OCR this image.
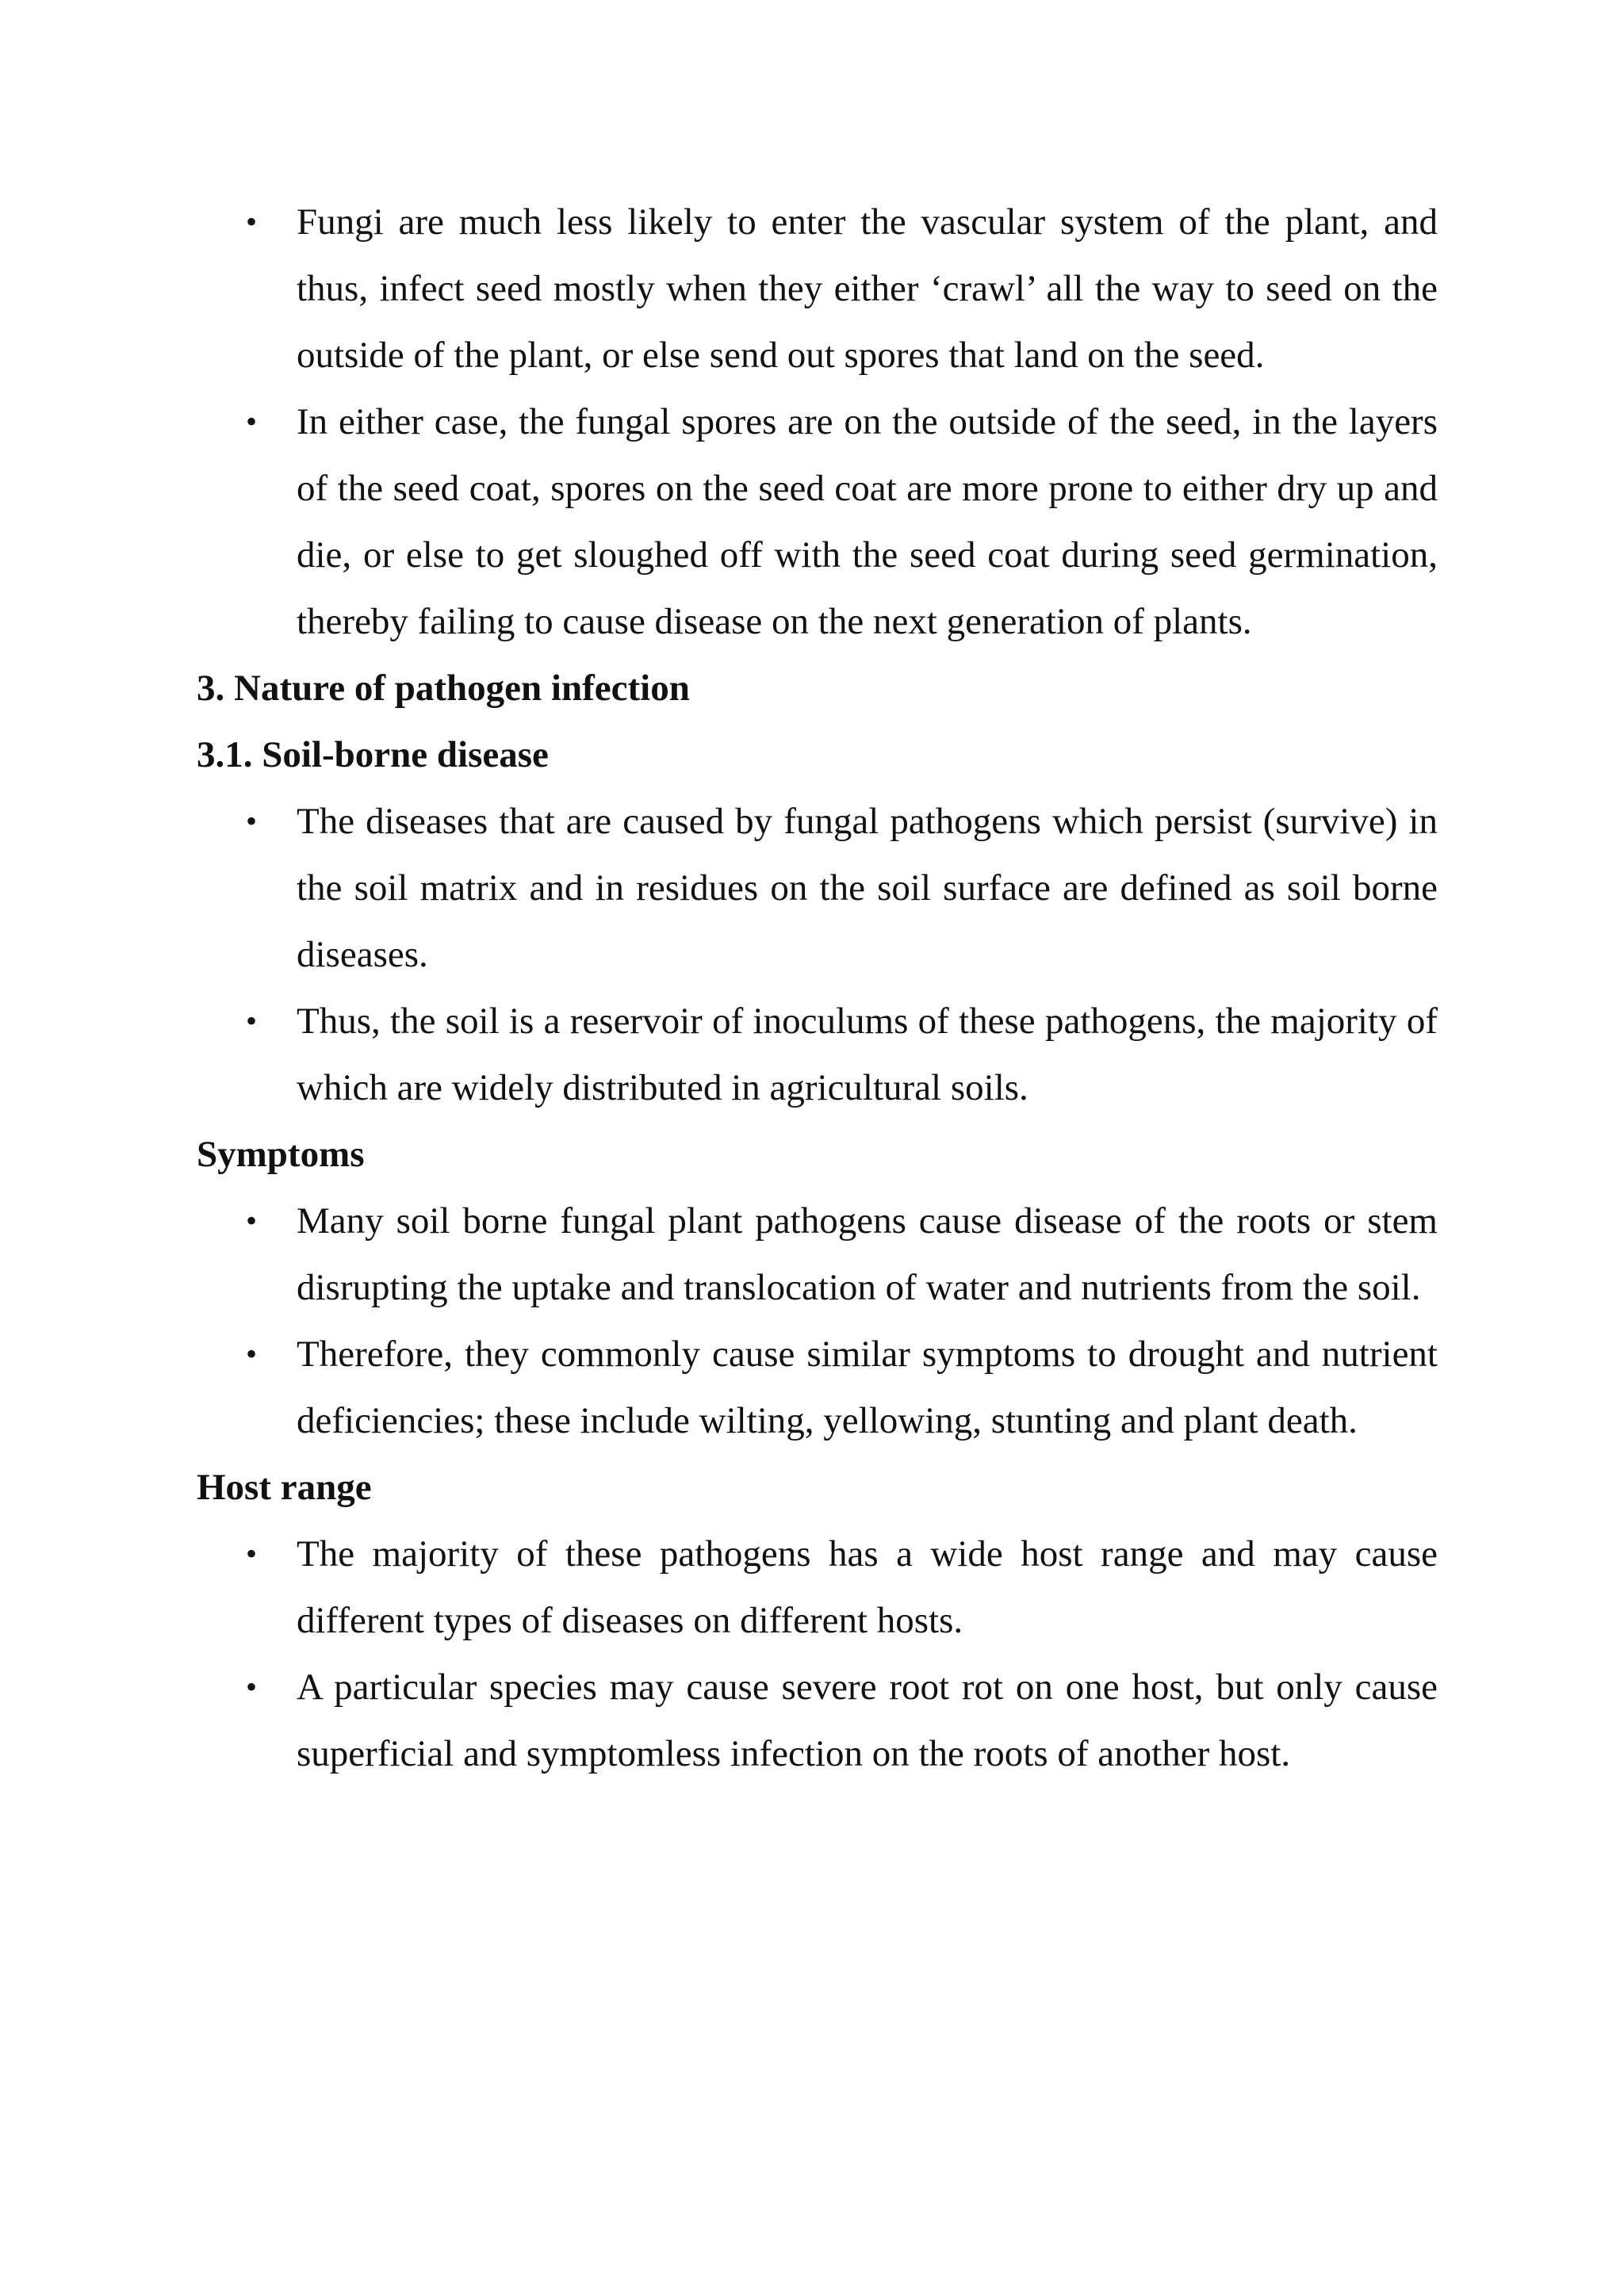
• Fungi are much less likely to enter the vascular system of the plant, and thus, infect seed mostly when they either ‘crawl’ all the way to seed on the outside of the plant, or else send out spores that land on the seed.
• In either case, the fungal spores are on the outside of the seed, in the layers of the seed coat, spores on the seed coat are more prone to either dry up and die, or else to get sloughed off with the seed coat during seed germination, thereby failing to cause disease on the next generation of plants.

3. Nature of pathogen infection

3.1. Soil-borne disease

• The diseases that are caused by fungal pathogens which persist (survive) in the soil matrix and in residues on the soil surface are defined as soil borne diseases.
• Thus, the soil is a reservoir of inoculums of these pathogens, the majority of which are widely distributed in agricultural soils.

Symptoms

• Many soil borne fungal plant pathogens cause disease of the roots or stem disrupting the uptake and translocation of water and nutrients from the soil.
• Therefore, they commonly cause similar symptoms to drought and nutrient deficiencies; these include wilting, yellowing, stunting and plant death.

Host range

• The majority of these pathogens has a wide host range and may cause different types of diseases on different hosts.
• A particular species may cause severe root rot on one host, but only cause superficial and symptomless infection on the roots of another host.
